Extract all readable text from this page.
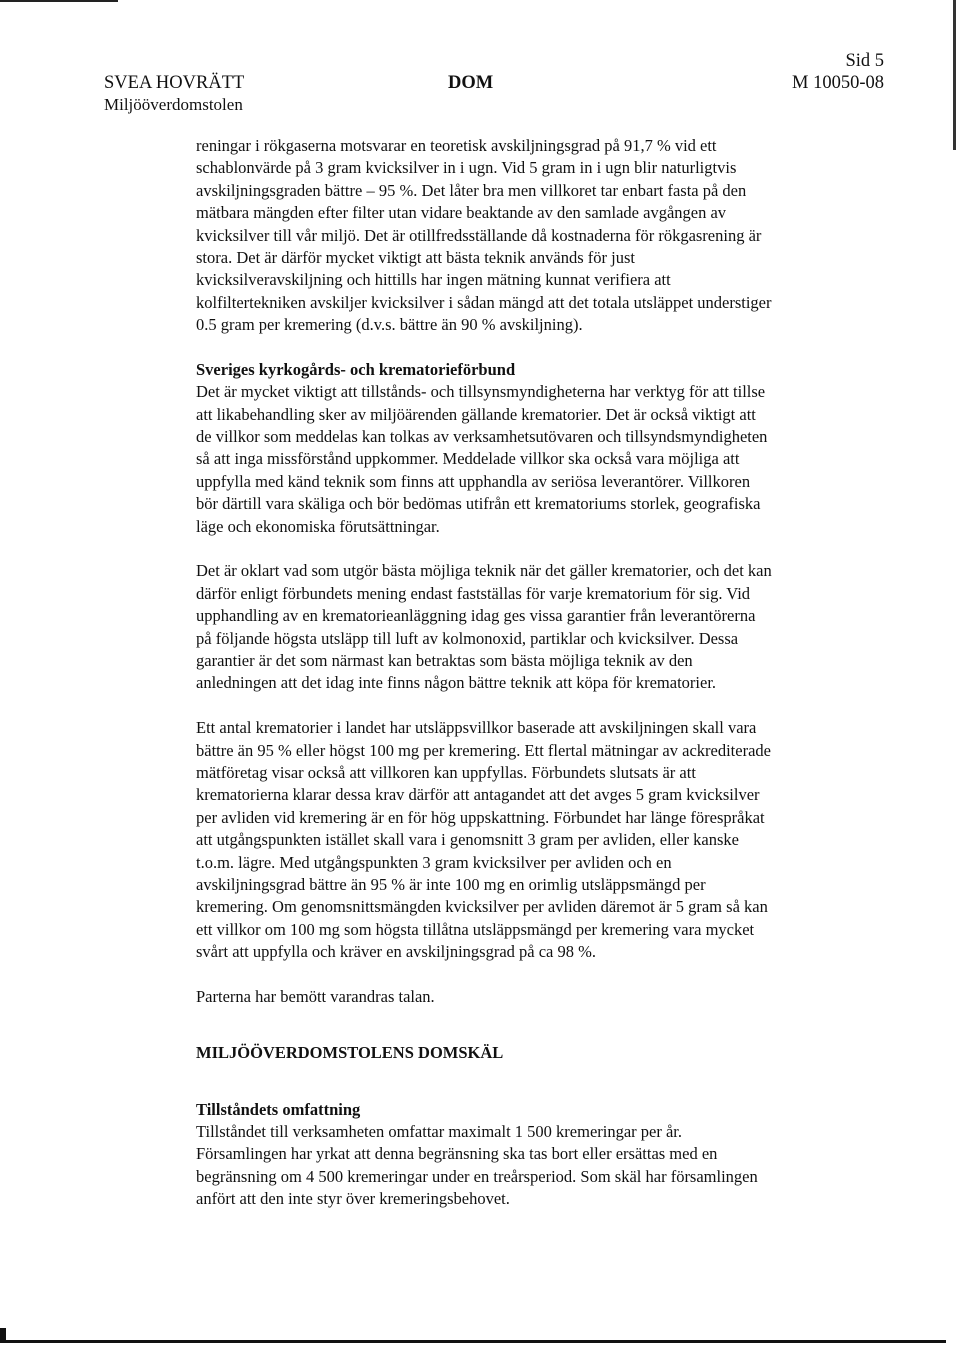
SVEA HOVRÄTT
Miljööverdomstolen
DOM
Sid 5
M 10050-08
reningar i rökgaserna motsvarar en teoretisk avskiljningsgrad på 91,7 % vid ett
schablonvärde på 3 gram kvicksilver in i ugn. Vid 5 gram in i ugn blir naturligtvis
avskiljningsgraden bättre – 95 %. Det låter bra men villkoret tar enbart fasta på den
mätbara mängden efter filter utan vidare beaktande av den samlade avgången av
kvicksilver till vår miljö. Det är otillfredsställande då kostnaderna för rökgasrening är
stora. Det är därför mycket viktigt att bästa teknik används för just
kvicksilveravskiljning och hittills har ingen mätning kunnat verifiera att
kolfiltertekniken avskiljer kvicksilver i sådan mängd att det totala utsläppet understiger
0.5 gram per kremering (d.v.s. bättre än 90 % avskiljning).
Sveriges kyrkogårds- och krematorieförbund
Det är mycket viktigt att tillstånds- och tillsynsmyndigheterna har verktyg för att tillse
att likabehandling sker av miljöärenden gällande krematorier. Det är också viktigt att
de villkor som meddelas kan tolkas av verksamhetsutövaren och tillsyndsmyndigheten
så att inga missförstånd uppkommer. Meddelade villkor ska också vara möjliga att
uppfylla med känd teknik som finns att upphandla av seriösa leverantörer. Villkoren
bör därtill vara skäliga och bör bedömas utifrån ett krematoriums storlek, geografiska
läge och ekonomiska förutsättningar.
Det är oklart vad som utgör bästa möjliga teknik när det gäller krematorier, och det kan
därför enligt förbundets mening endast fastställas för varje krematorium för sig. Vid
upphandling av en krematorieanläggning idag ges vissa garantier från leverantörerna
på följande högsta utsläpp till luft av kolmonoxid, partiklar och kvicksilver. Dessa
garantier är det som närmast kan betraktas som bästa möjliga teknik av den
anledningen att det idag inte finns någon bättre teknik att köpa för krematorier.
Ett antal krematorier i landet har utsläppsvillkor baserade att avskiljningen skall vara
bättre än 95 % eller högst 100 mg per kremering. Ett flertal mätningar av ackrediterade
mätföretag visar också att villkoren kan uppfyllas. Förbundets slutsats är att
krematorierna klarar dessa krav därför att antagandet att det avges 5 gram kvicksilver
per avliden vid kremering är en för hög uppskattning. Förbundet har länge förespråkat
att utgångspunkten istället skall vara i genomsnitt 3 gram per avliden, eller kanske
t.o.m. lägre. Med utgångspunkten 3 gram kvicksilver per avliden och en
avskiljningsgrad bättre än 95 % är inte 100 mg en orimlig utsläppsmängd per
kremering. Om genomsnittsmängden kvicksilver per avliden däremot är 5 gram så kan
ett villkor om 100 mg som högsta tillåtna utsläppsmängd per kremering vara mycket
svårt att uppfylla och kräver en avskiljningsgrad på ca 98 %.
Parterna har bemött varandras talan.
MILJÖÖVERDOMSTOLENS DOMSKÄL
Tillståndets omfattning
Tillståndet till verksamheten omfattar maximalt 1 500 kremeringar per år.
Församlingen har yrkat att denna begränsning ska tas bort eller ersättas med en
begränsning om 4 500 kremeringar under en treårsperiod. Som skäl har församlingen
anfört att den inte styr över kremeringsbehovet.
